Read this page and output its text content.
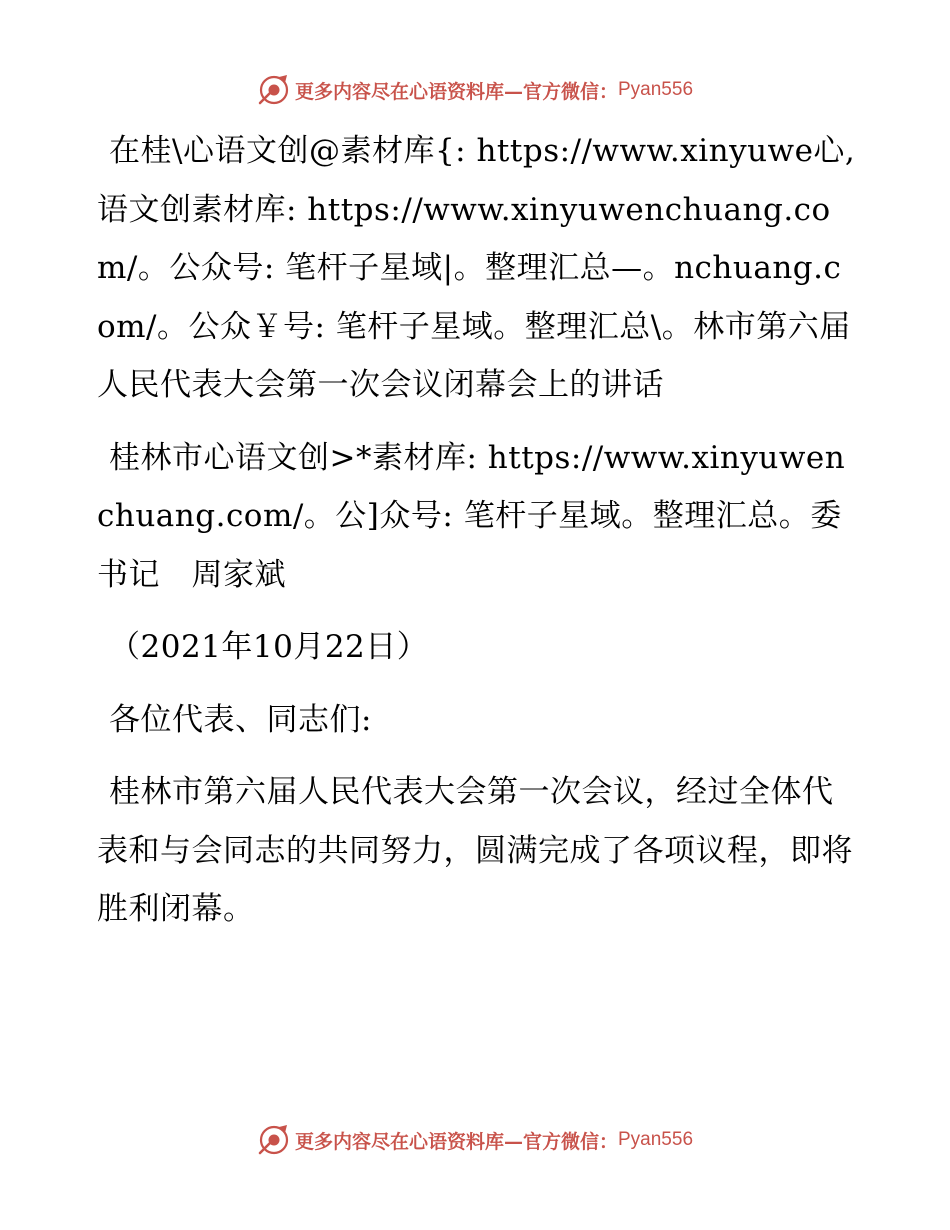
更多内容尽在心语资料库—官方微信： Pyan556

在桂\心语文创@素材库{: https://www.xinyuwe心,语文创素材库: https://www.xinyuwenchuang.com/。公众号: 笔杆子星域|。整理汇总—。nchuang.com/。公众￥号: 笔杆子星域。整理汇总\。林市第六届人民代表大会第一次会议闭幕会上的讲话

桂林市心语文创>*素材库: https://www.xinyuwenchuang.com/。公]众号: 笔杆子星域。整理汇总。委书记　周家斌

（2021年10月22日）

各位代表、同志们:

桂林市第六届人民代表大会第一次会议，经过全体代表和与会同志的共同努力，圆满完成了各项议程，即将胜利闭幕。

更多内容尽在心语资料库—官方微信： Pyan556
